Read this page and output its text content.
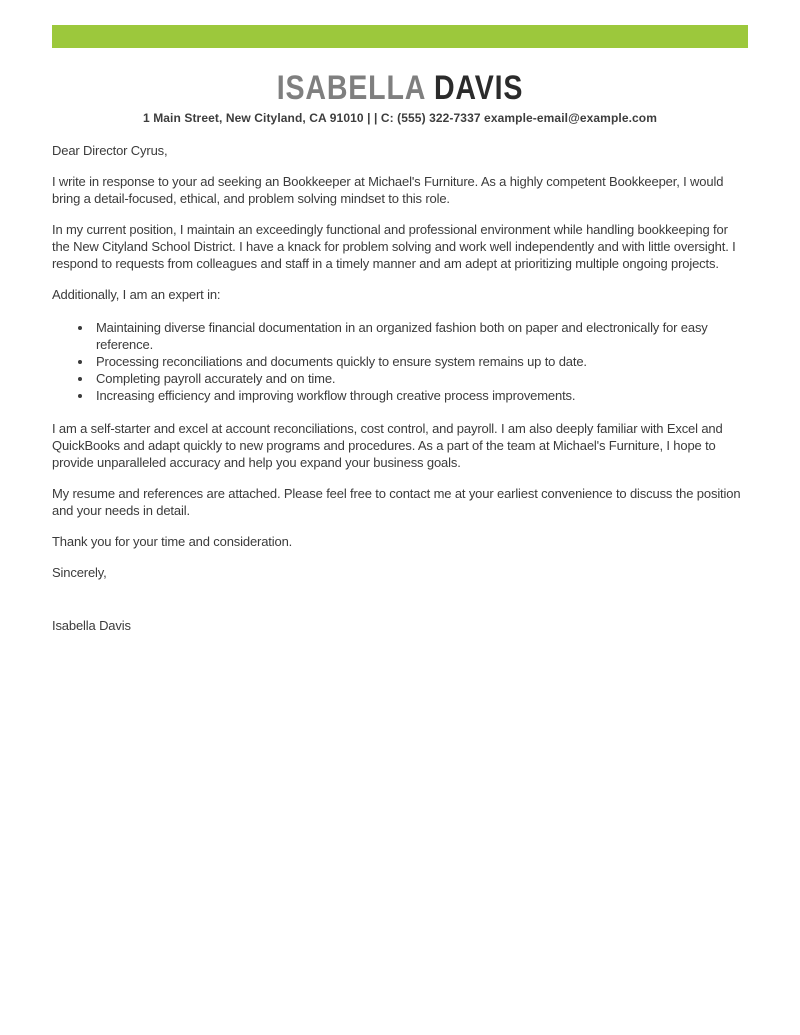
ISABELLA DAVIS
1 Main Street, New Cityland, CA 91010 | | C: (555) 322-7337 example-email@example.com

Dear Director Cyrus,

I write in response to your ad seeking an Bookkeeper at Michael's Furniture. As a highly competent Bookkeeper, I would bring a detail-focused, ethical, and problem solving mindset to this role.

In my current position, I maintain an exceedingly functional and professional environment while handling bookkeeping for the New Cityland School District. I have a knack for problem solving and work well independently and with little oversight. I respond to requests from colleagues and staff in a timely manner and am adept at prioritizing multiple ongoing projects.

Additionally, I am an expert in:

• Maintaining diverse financial documentation in an organized fashion both on paper and electronically for easy reference.
• Processing reconciliations and documents quickly to ensure system remains up to date.
• Completing payroll accurately and on time.
• Increasing efficiency and improving workflow through creative process improvements.

I am a self-starter and excel at account reconciliations, cost control, and payroll. I am also deeply familiar with Excel and QuickBooks and adapt quickly to new programs and procedures. As a part of the team at Michael's Furniture, I hope to provide unparalleled accuracy and help you expand your business goals.

My resume and references are attached. Please feel free to contact me at your earliest convenience to discuss the position and your needs in detail.

Thank you for your time and consideration.

Sincerely,

Isabella Davis
